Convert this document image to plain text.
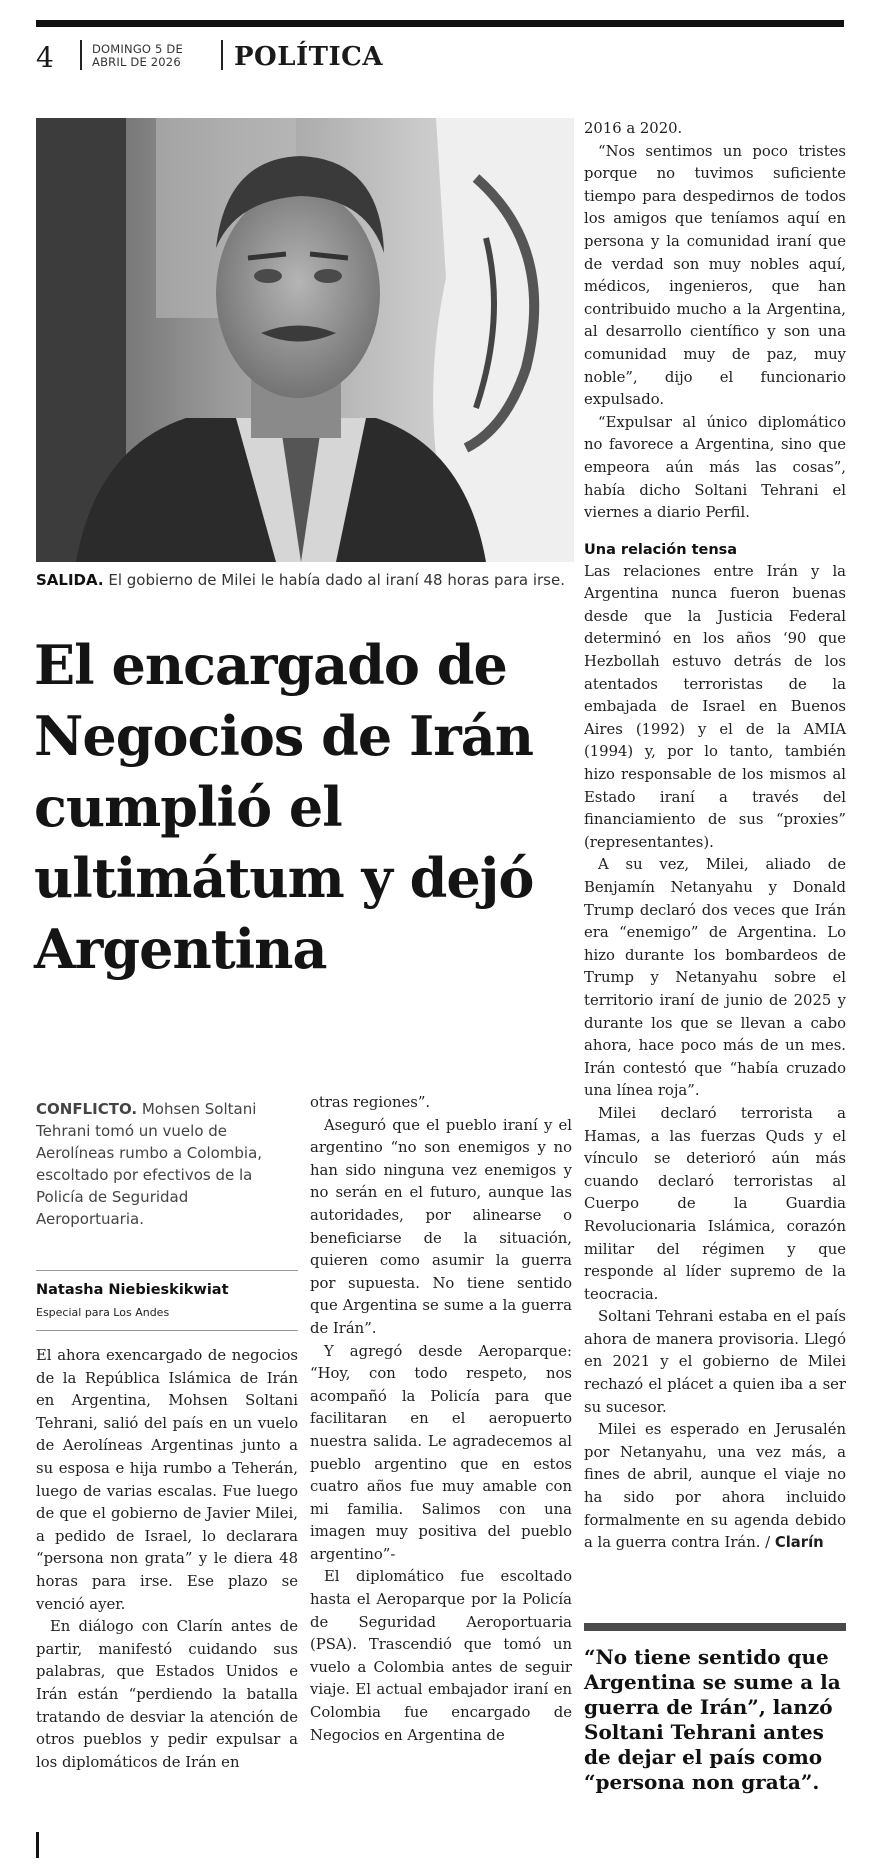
4	DOMINGO 5 DE
ABRIL DE 2026 POLÍTICA
SALIDA. El gobierno de Milei le había dado al iraní 48 horas para irse.
El encargado de Negocios de Irán cumplió el ultimátum y dejó Argentina
CONFLICTO. Mohsen Soltani Tehrani tomó un vuelo de Aerolíneas rumbo a Colombia, escoltado por efectivos de la Policía de Seguridad Aeroportuaria.
Natasha Niebieskikwiat
Especial para Los Andes

El ahora exencargado de negocios de la República Islámica de Irán en Argentina, Mohsen Soltani Tehrani, salió del país en un vuelo de Aerolíneas Argentinas junto a su esposa e hija rumbo a Teherán, luego de varias escalas. Fue luego de que el gobierno de Javier Milei, a pedido de Israel, lo declarara “persona non grata” y le diera 48 horas para irse. Ese plazo se venció ayer.

En diálogo con Clarín antes de partir, manifestó cuidando sus palabras, que Estados Unidos e Irán están “perdiendo la batalla tratando de desviar la atención de otros pueblos y pedir expulsar a los diplomáticos de Irán en

otras regiones”.

Aseguró que el pueblo iraní y el argentino “no son enemigos y no han sido ninguna vez enemigos y no serán en el futuro, aunque las autoridades, por alinearse o beneficiarse de la situación, quieren como asumir la guerra por supuesta. No tiene sentido que Argentina se sume a la guerra de Irán”.

Y agregó desde Aeroparque: “Hoy, con todo respeto, nos acompañó la Policía para que facilitaran en el aeropuerto nuestra salida. Le agradecemos al pueblo argentino que en estos cuatro años fue muy amable con mi familia. Salimos con una imagen muy positiva del pueblo argentino”-

El diplomático fue escoltado hasta el Aeroparque por la Policía de Seguridad Aeroportuaria (PSA). Trascendió que tomó un vuelo a Colombia antes de seguir viaje. El actual embajador iraní en Colombia fue encargado de Negocios en Argentina de

2016 a 2020.

“Nos sentimos un poco tristes porque no tuvimos suficiente tiempo para despedirnos de todos los amigos que teníamos aquí en persona y la comunidad iraní que de verdad son muy nobles aquí, médicos, ingenieros, que han contribuido mucho a la Argentina, al desarrollo científico y son una comunidad muy de paz, muy noble”, dijo el funcionario expulsado.

“Expulsar al único diplomático no favorece a Argentina, sino que empeora aún más las cosas”, había dicho Soltani Tehrani el viernes a diario Perfil.

Una relación tensa

Las relaciones entre Irán y la Argentina nunca fueron buenas desde que la Justicia Federal determinó en los años ‘90 que Hezbollah estuvo detrás de los atentados terroristas de la embajada de Israel en Buenos Aires (1992) y el de la AMIA (1994) y, por lo tanto, también hizo responsable de los mismos al Estado iraní a través del financiamiento de sus “proxies” (representantes).

A su vez, Milei, aliado de Benjamín Netanyahu y Donald Trump declaró dos veces que Irán era “enemigo” de Argentina. Lo hizo durante los bombardeos de Trump y Netanyahu sobre el territorio iraní de junio de 2025 y durante los que se llevan a cabo ahora, hace poco más de un mes. Irán contestó que “había cruzado una línea roja”.

Milei declaró terrorista a Hamas, a las fuerzas Quds y el vínculo se deterioró aún más cuando declaró terroristas al Cuerpo de la Guardia Revolucionaria Islámica, corazón militar del régimen y que responde al líder supremo de la teocracia.

Soltani Tehrani estaba en el país ahora de manera provisoria. Llegó en 2021 y el gobierno de Milei rechazó el plácet a quien iba a ser su sucesor.

Milei es esperado en Jerusalén por Netanyahu, una vez más, a fines de abril, aunque el viaje no ha sido por ahora incluido formalmente en su agenda debido a la guerra contra Irán. / Clarín

“No tiene sentido que Argentina se sume a la guerra de Irán”, lanzó Soltani Tehrani antes de dejar el país como “persona non grata”.
